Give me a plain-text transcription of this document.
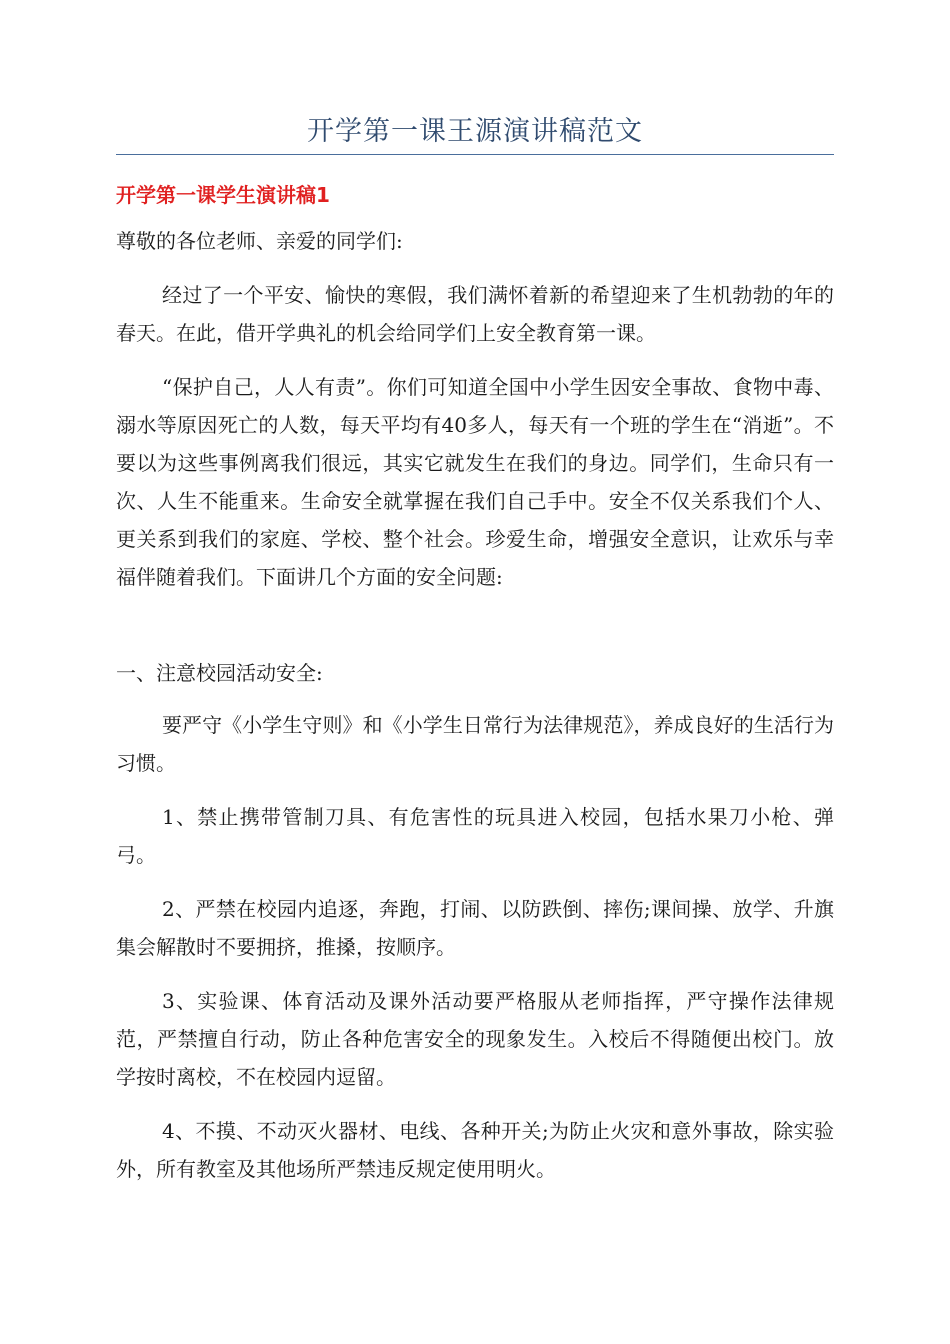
开学第一课王源演讲稿范文
开学第一课学生演讲稿1
尊敬的各位老师、亲爱的同学们:
经过了一个平安、愉快的寒假，我们满怀着新的希望迎来了生机勃勃的年的春天。在此，借开学典礼的机会给同学们上安全教育第一课。
“保护自己，人人有责”。你们可知道全国中小学生因安全事故、食物中毒、溺水等原因死亡的人数，每天平均有40多人，每天有一个班的学生在“消逝”。不要以为这些事例离我们很远，其实它就发生在我们的身边。同学们，生命只有一次、人生不能重来。生命安全就掌握在我们自己手中。安全不仅关系我们个人、更关系到我们的家庭、学校、整个社会。珍爱生命，增强安全意识，让欢乐与幸福伴随着我们。下面讲几个方面的安全问题:
一、注意校园活动安全:
要严守《小学生守则》和《小学生日常行为法律规范》，养成良好的生活行为习惯。
1、禁止携带管制刀具、有危害性的玩具进入校园，包括水果刀小枪、弹弓。
2、严禁在校园内追逐，奔跑，打闹、以防跌倒、摔伤;课间操、放学、升旗集会解散时不要拥挤，推搡，按顺序。
3、实验课、体育活动及课外活动要严格服从老师指挥，严守操作法律规范，严禁擅自行动，防止各种危害安全的现象发生。入校后不得随便出校门。放学按时离校，不在校园内逗留。
4、不摸、不动灭火器材、电线、各种开关;为防止火灾和意外事故，除实验外，所有教室及其他场所严禁违反规定使用明火。
